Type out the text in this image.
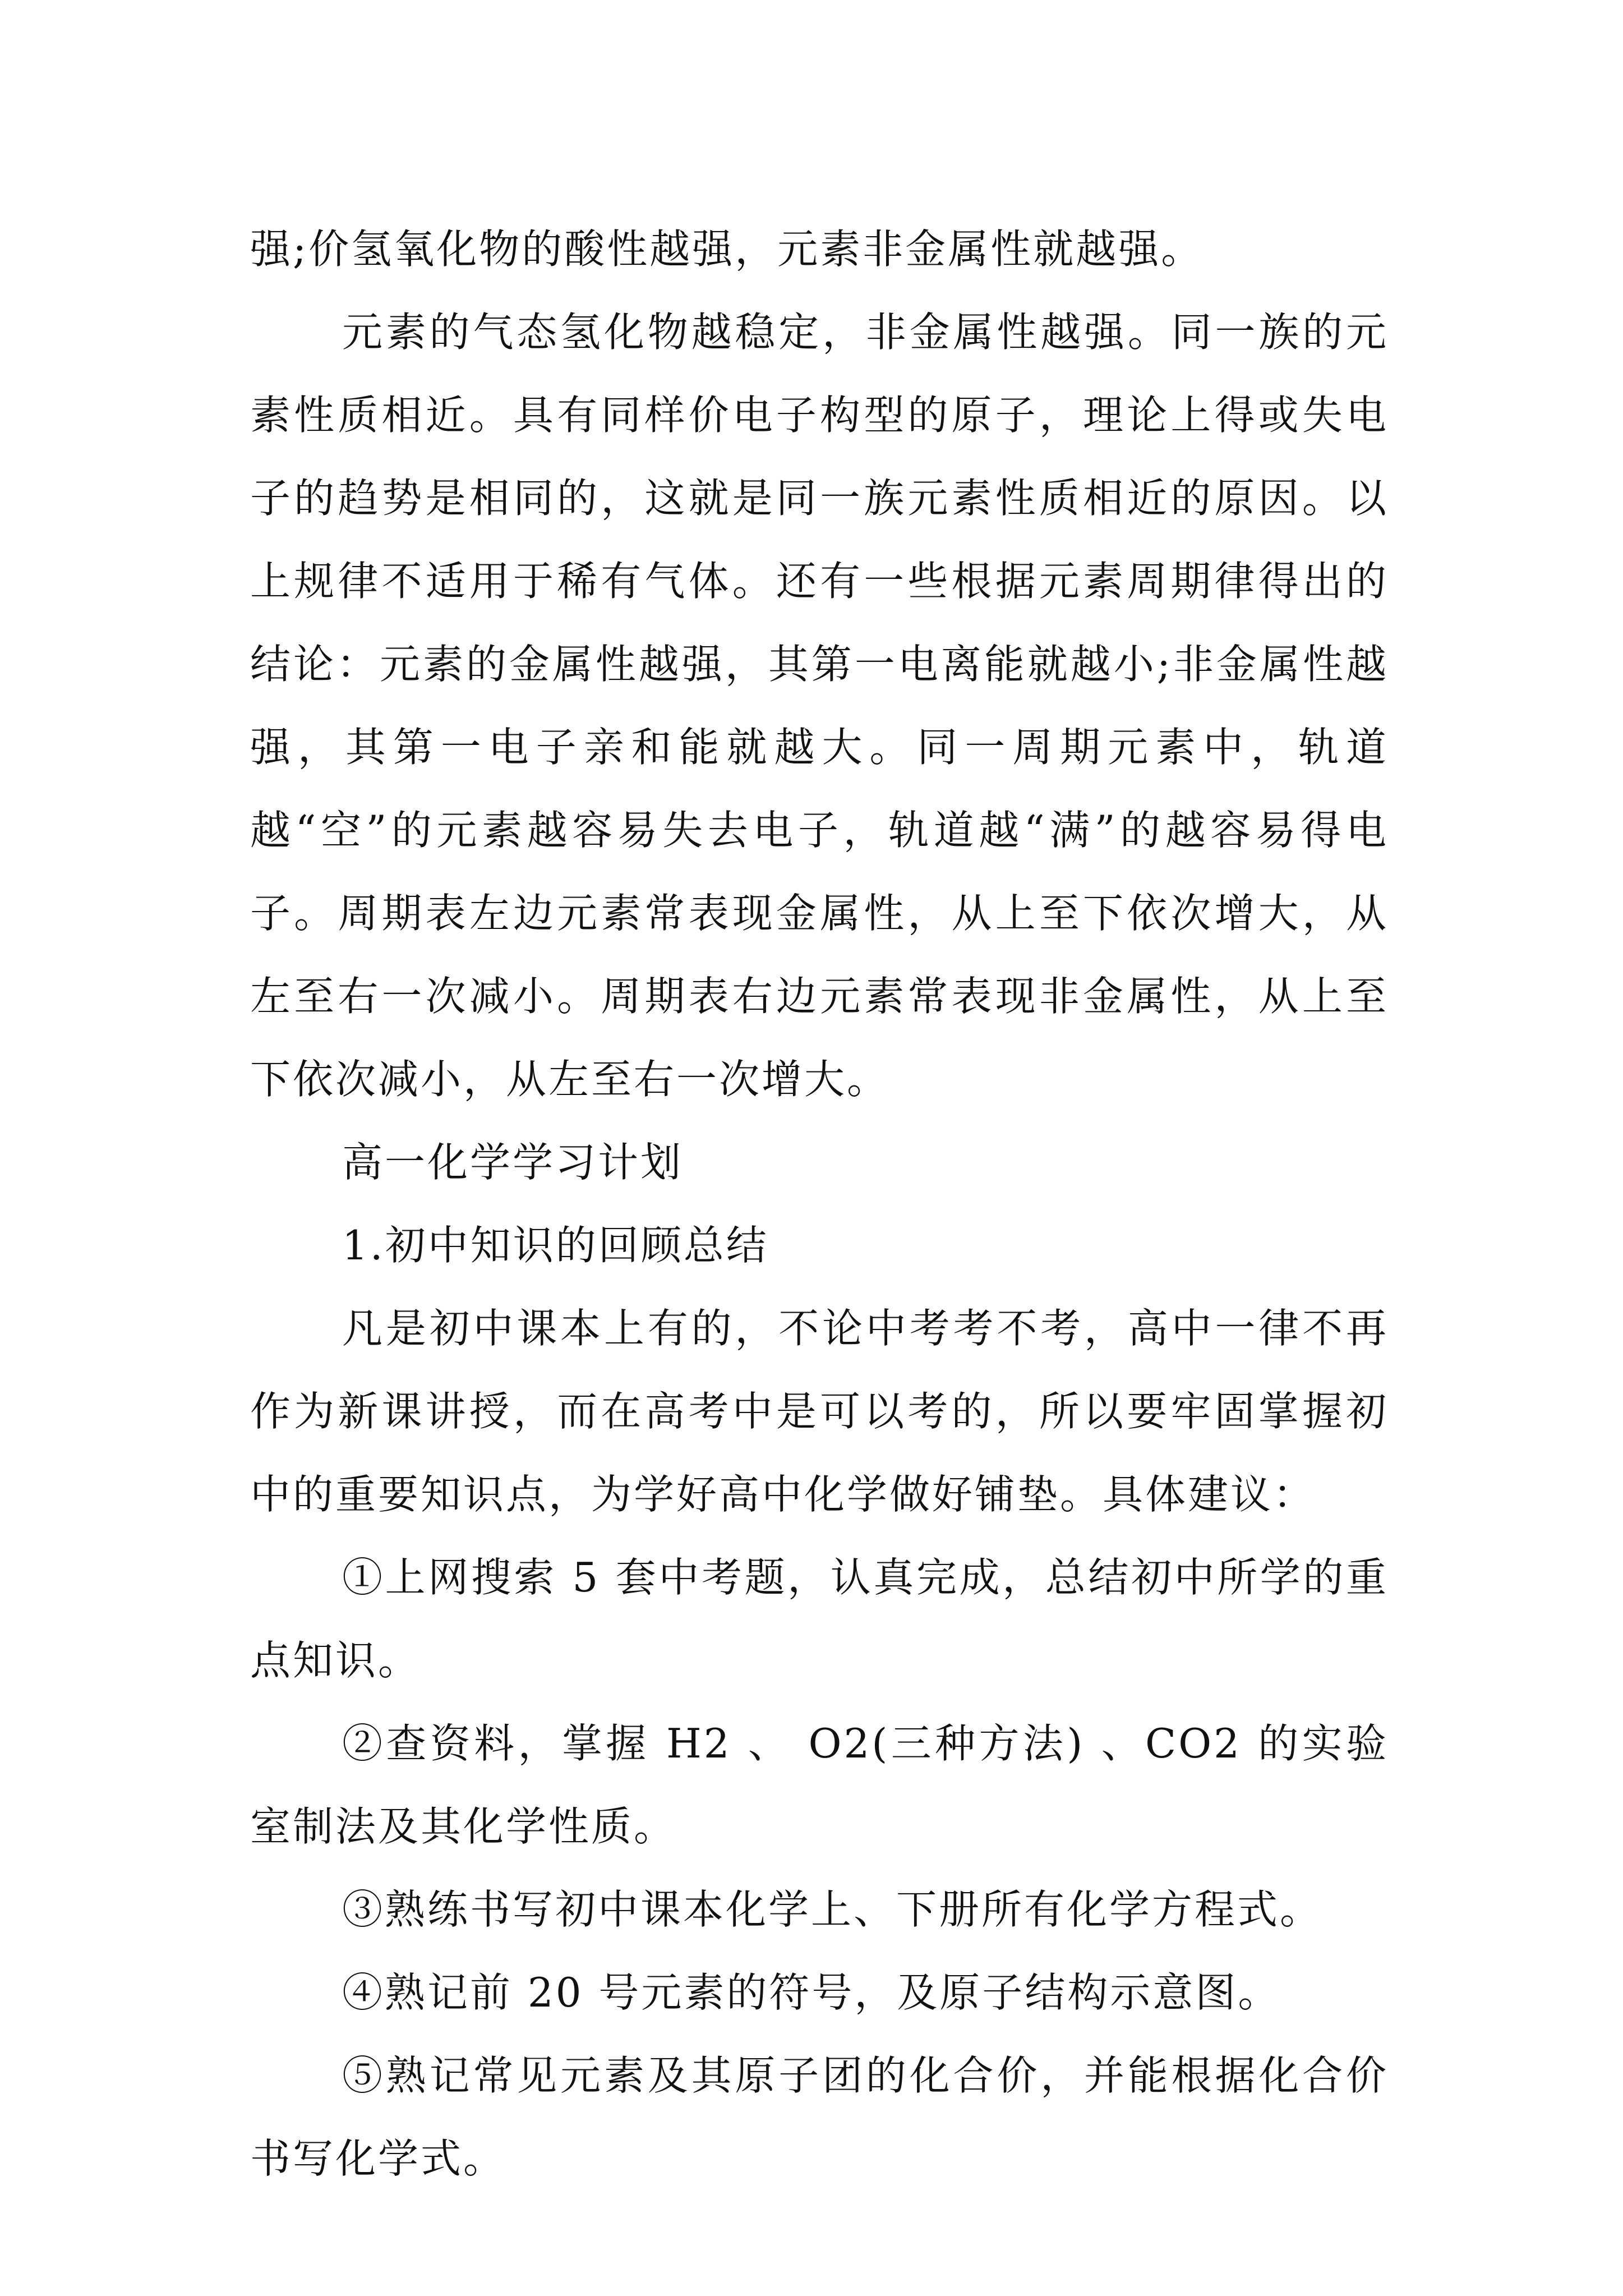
强;价氢氧化物的酸性越强，元素非金属性就越强。

元素的气态氢化物越稳定，非金属性越强。同一族的元素性质相近。具有同样价电子构型的原子，理论上得或失电子的趋势是相同的，这就是同一族元素性质相近的原因。以上规律不适用于稀有气体。还有一些根据元素周期律得出的结论：元素的金属性越强，其第一电离能就越小;非金属性越强，其第一电子亲和能就越大。同一周期元素中，轨道越“空”的元素越容易失去电子，轨道越“满”的越容易得电子。周期表左边元素常表现金属性，从上至下依次增大，从左至右一次减小。周期表右边元素常表现非金属性，从上至下依次减小，从左至右一次增大。

高一化学学习计划

1.初中知识的回顾总结

凡是初中课本上有的，不论中考考不考，高中一律不再作为新课讲授，而在高考中是可以考的，所以要牢固掌握初中的重要知识点，为学好高中化学做好铺垫。具体建议：

①上网搜索 5 套中考题，认真完成，总结初中所学的重点知识。

②查资料，掌握 H2 、 O2(三种方法) 、CO2 的实验室制法及其化学性质。

③熟练书写初中课本化学上、下册所有化学方程式。

④熟记前 20 号元素的符号，及原子结构示意图。

⑤熟记常见元素及其原子团的化合价，并能根据化合价书写化学式。
